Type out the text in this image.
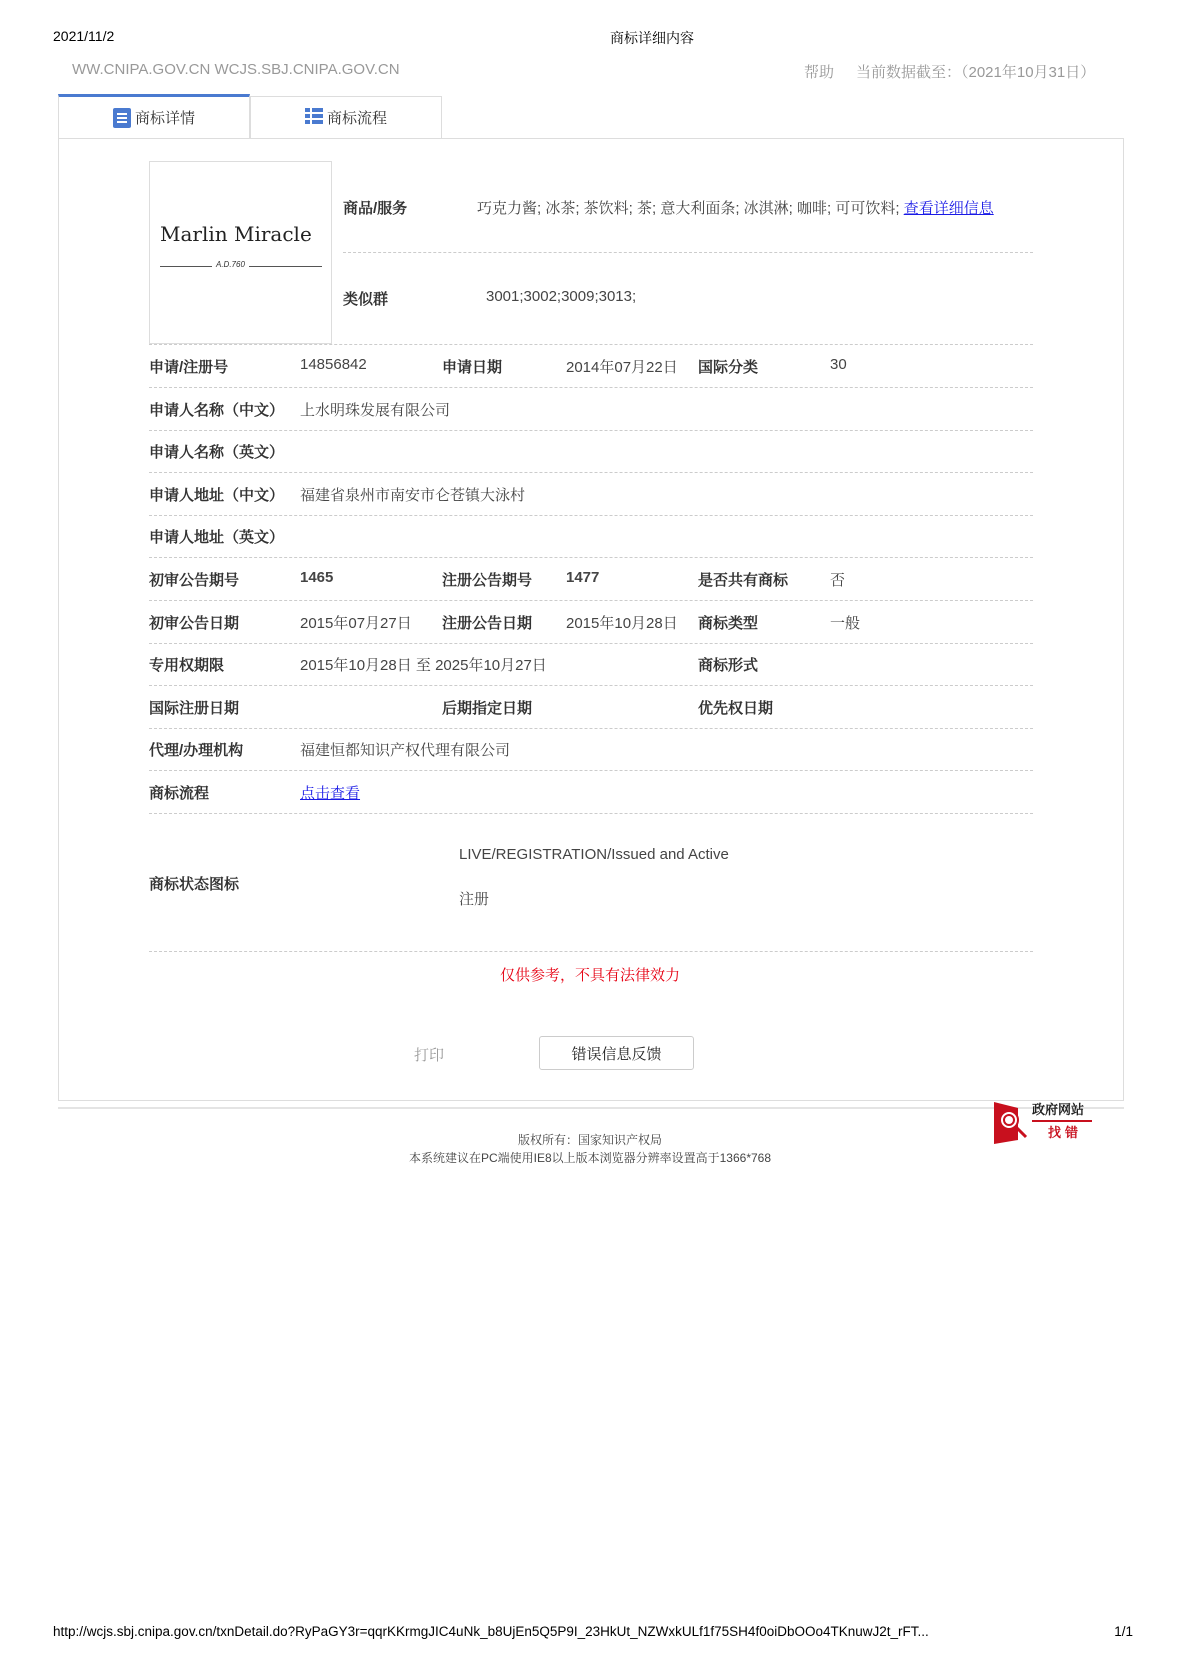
2021/11/2	商标详细内容
WW.CNIPA.GOV.CN WCJS.SBJ.CNIPA.GOV.CN	帮助 当前数据截至：（2021年10月31日）
商标详情	商标流程
Marlin Miracle
A.D.760
商品/服务	巧克力酱; 冰茶; 茶饮料; 茶; 意大利面条; 冰淇淋; 咖啡; 可可饮料; 查看详细信息
类似群	3001;3002;3009;3013;
申请/注册号	14856842	申请日期	2014年07月22日 国际分类	30
申请人名称（中文） 上水明珠发展有限公司
申请人名称（英文）
申请人地址（中文） 福建省泉州市南安市仑苍镇大泳村
申请人地址（英文）
初审公告期号	1465	注册公告期号 1477	是否共有商标	否
初审公告日期	2015年07月27日 注册公告日期 2015年10月28日 商标类型	一般
专用权期限	2015年10月28日 至 2025年10月27日	商标形式
国际注册日期	后期指定日期	优先权日期
代理/办理机构	福建恒都知识产权代理有限公司
商标流程	点击查看
商标状态图标
LIVE/REGISTRATION/Issued and Active
注册
仅供参考，不具有法律效力
打印	错误信息反馈
版权所有：国家知识产权局
本系统建议在PC端使用IE8以上版本浏览器分辨率设置高于1366*768
政府网站
找错
http://wcjs.sbj.cnipa.gov.cn/txnDetail.do?RyPaGY3r=qqrKKrmgJIC4uNk_b8UjEn5Q5P9I_23HkUt_NZWxkULf1f75SH4f0oiDbOOo4TKnuwJ2t_rFT...	1/1
